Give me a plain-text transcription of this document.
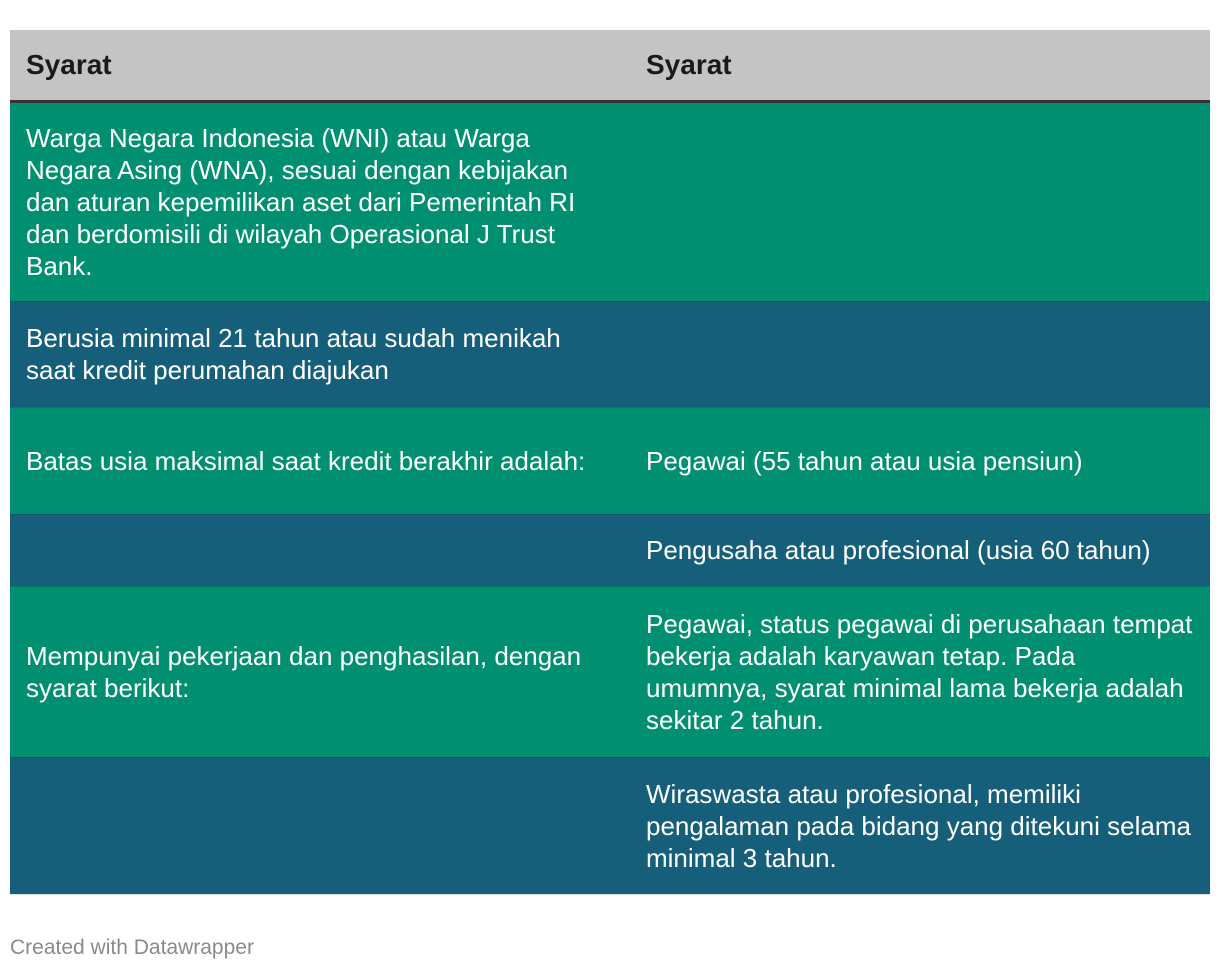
Syarat	Syarat
Warga Negara Indonesia (WNI) atau Warga Negara Asing (WNA), sesuai dengan kebijakan dan aturan kepemilikan aset dari Pemerintah RI dan berdomisili di wilayah Operasional J Trust Bank.	
Berusia minimal 21 tahun atau sudah menikah saat kredit perumahan diajukan	
Batas usia maksimal saat kredit berakhir adalah:	Pegawai (55 tahun atau usia pensiun)
	Pengusaha atau profesional (usia 60 tahun)
Mempunyai pekerjaan dan penghasilan, dengan syarat berikut:	Pegawai, status pegawai di perusahaan tempat bekerja adalah karyawan tetap. Pada umumnya, syarat minimal lama bekerja adalah sekitar 2 tahun.
	Wiraswasta atau profesional, memiliki pengalaman pada bidang yang ditekuni selama minimal 3 tahun.
Created with Datawrapper
